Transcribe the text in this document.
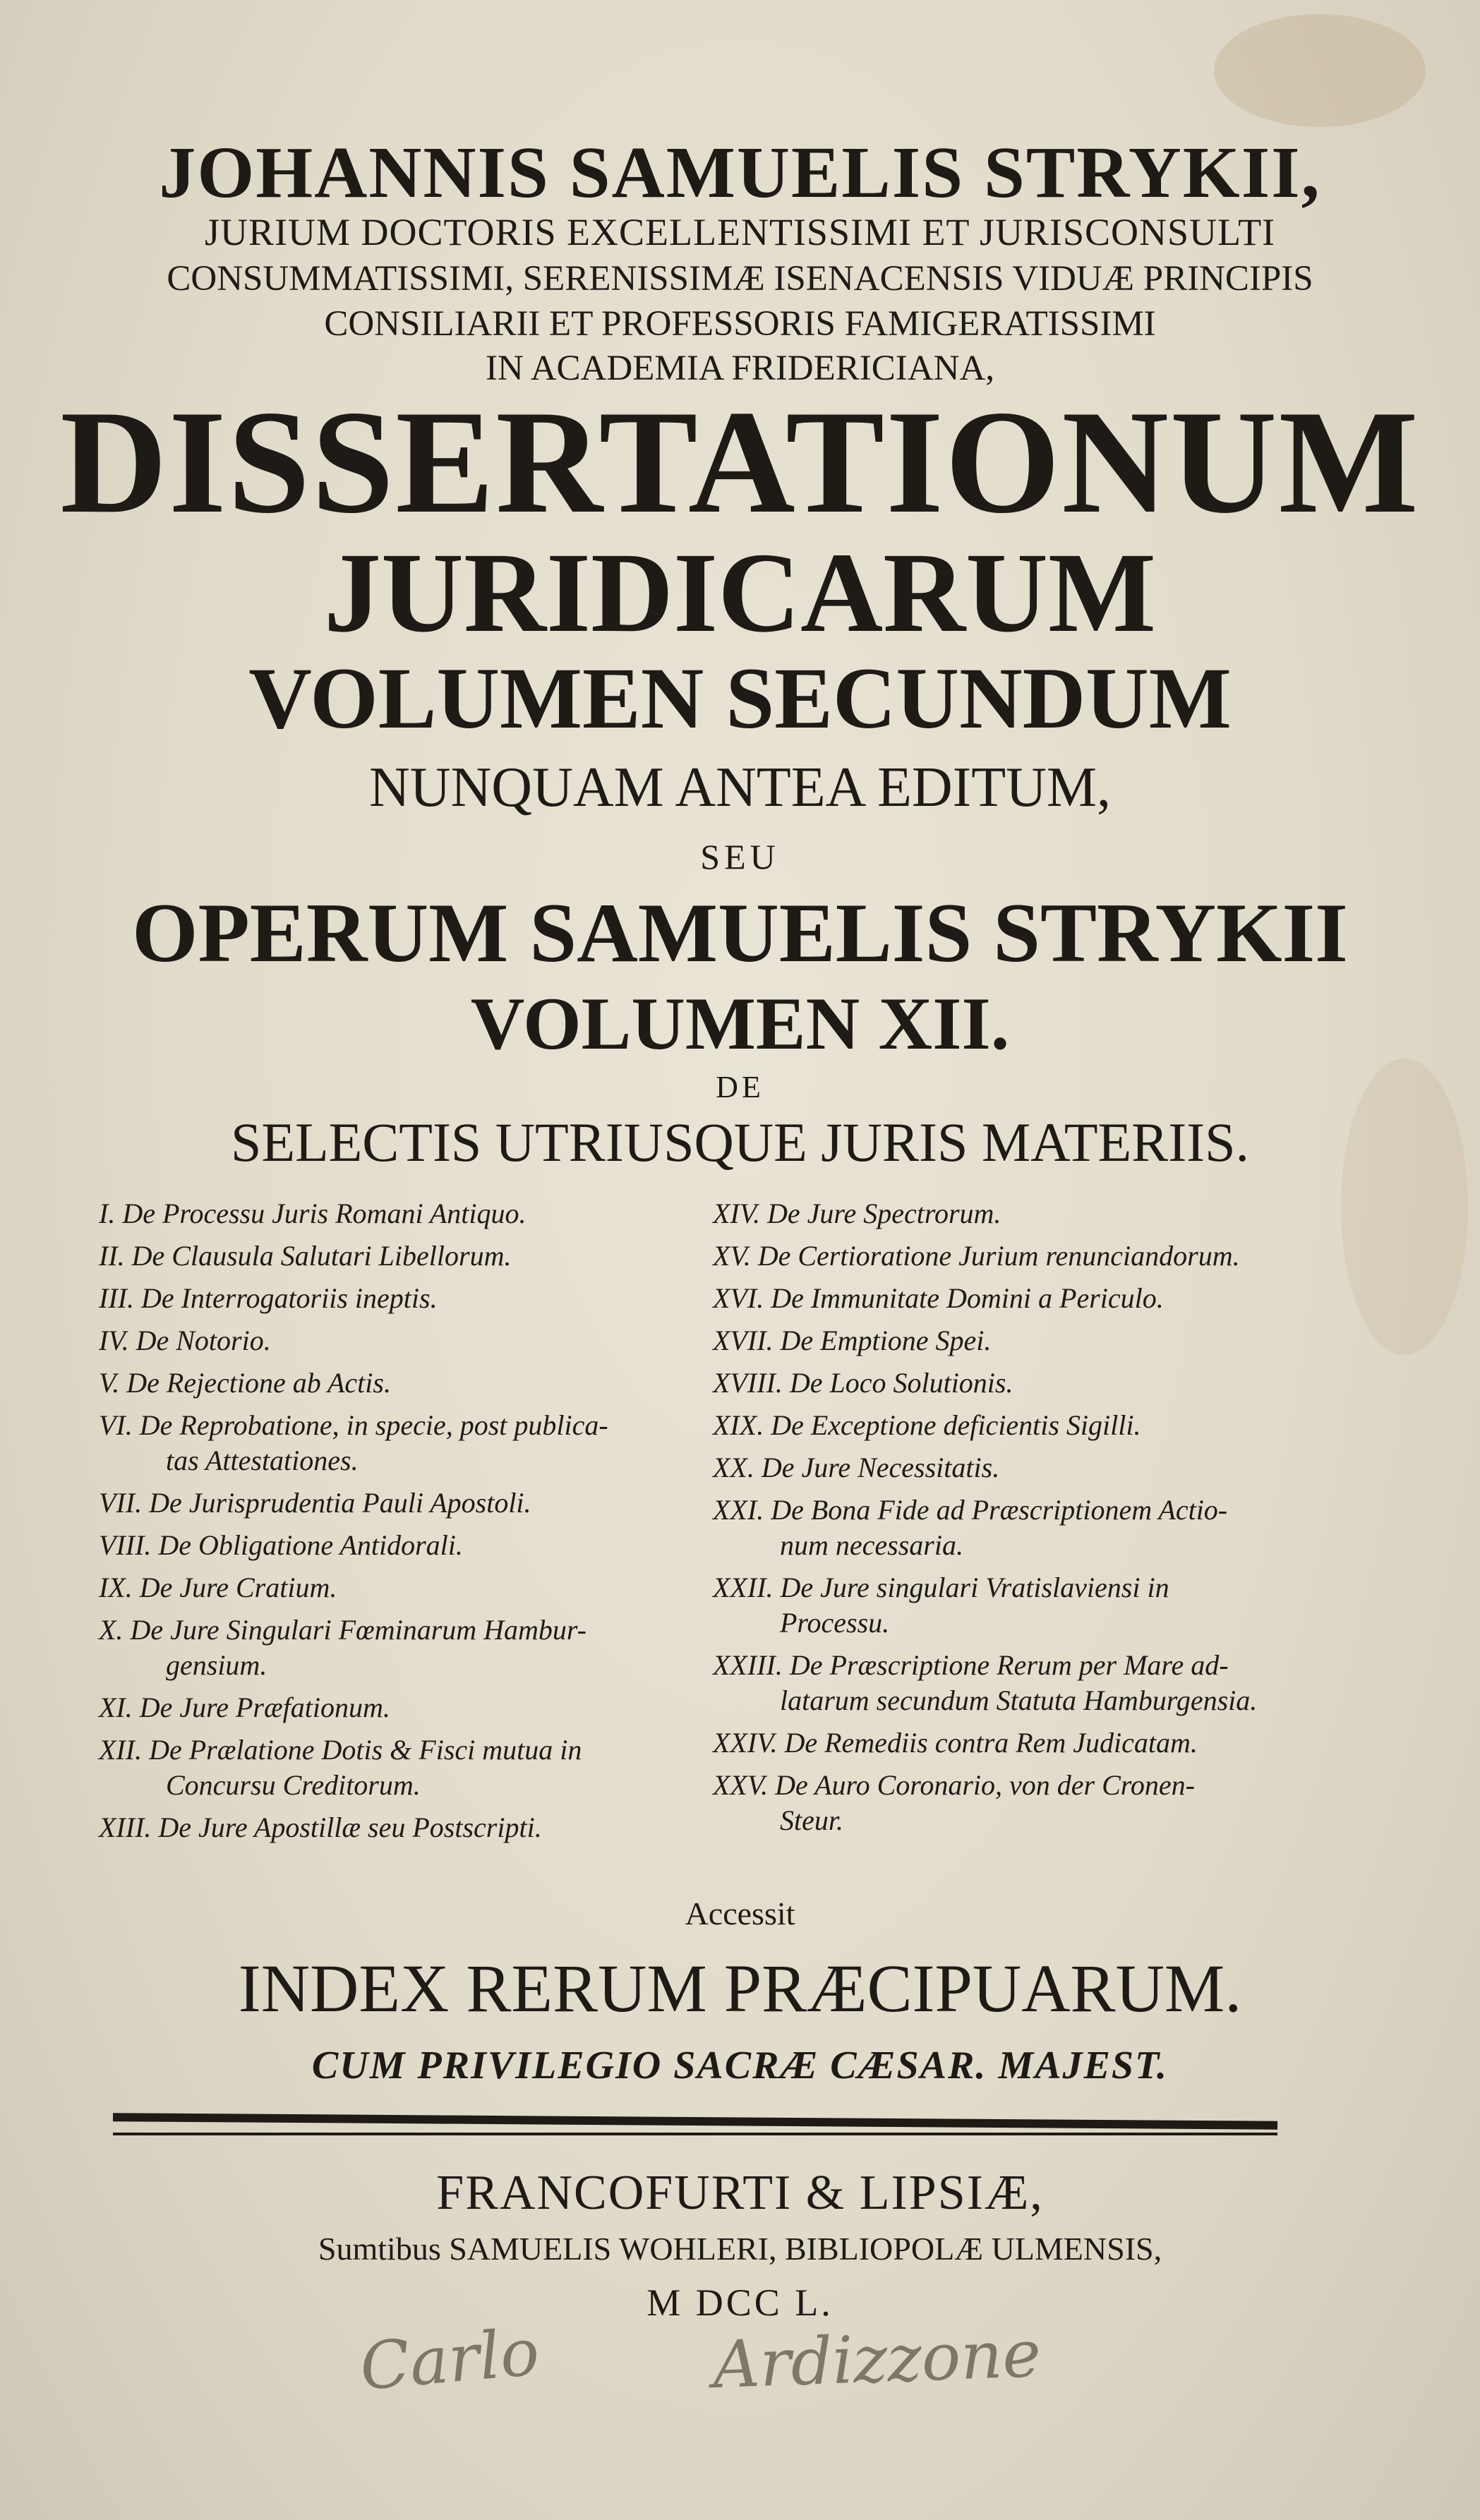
JOHANNIS SAMUELIS STRYKII,
JURIUM DOCTORIS EXCELLENTISSIMI ET JURISCONSULTI
CONSUMMATISSIMI, SERENISSIMÆ ISENACENSIS VIDUÆ PRINCIPIS
CONSILIARII ET PROFESSORIS FAMIGERATISSIMI
IN ACADEMIA FRIDERICIANA,
DISSERTATIONUM
JURIDICARUM
VOLUMEN SECUNDUM
NUNQUAM ANTEA EDITUM,
SEU
OPERUM SAMUELIS STRYKII
VOLUMEN XII.
DE
SELECTIS UTRIUSQUE JURIS MATERIIS.
I. De Processu Juris Romani Antiquo.
II. De Clausula Salutari Libellorum.
III. De Interrogatoriis ineptis.
IV. De Notorio.
V. De Rejectione ab Actis.
VI. De Reprobatione, in specie, post publica-
tas Attestationes.
VII. De Jurisprudentia Pauli Apostoli.
VIII. De Obligatione Antidorali.
IX. De Jure Cratium.
X. De Jure Singulari Fœminarum Hambur-
gensium.
XI. De Jure Præfationum.
XII. De Prælatione Dotis & Fisci mutua in
Concursu Creditorum.
XIII. De Jure Apostillæ seu Postscripti.
XIV. De Jure Spectrorum.
XV. De Certioratione Jurium renunciandorum.
XVI. De Immunitate Domini a Periculo.
XVII. De Emptione Spei.
XVIII. De Loco Solutionis.
XIX. De Exceptione deficientis Sigilli.
XX. De Jure Necessitatis.
XXI. De Bona Fide ad Præscriptionem Actio-
num necessaria.
XXII. De Jure singulari Vratislaviensi in
Processu.
XXIII. De Præscriptione Rerum per Mare ad-
latarum secundum Statuta Hamburgensia.
XXIV. De Remediis contra Rem Judicatam.
XXV. De Auro Coronario, von der Cronen-
Steur.
Accessit
INDEX RERUM PRÆCIPUARUM.
CUM PRIVILEGIO SACRÆ CÆSAR. MAJEST.
FRANCOFURTI & LIPSIÆ,
Sumtibus SAMUELIS WOHLERI, BIBLIOPOLÆ ULMENSIS,
M DCC L.
Carlo	Ardizzone
